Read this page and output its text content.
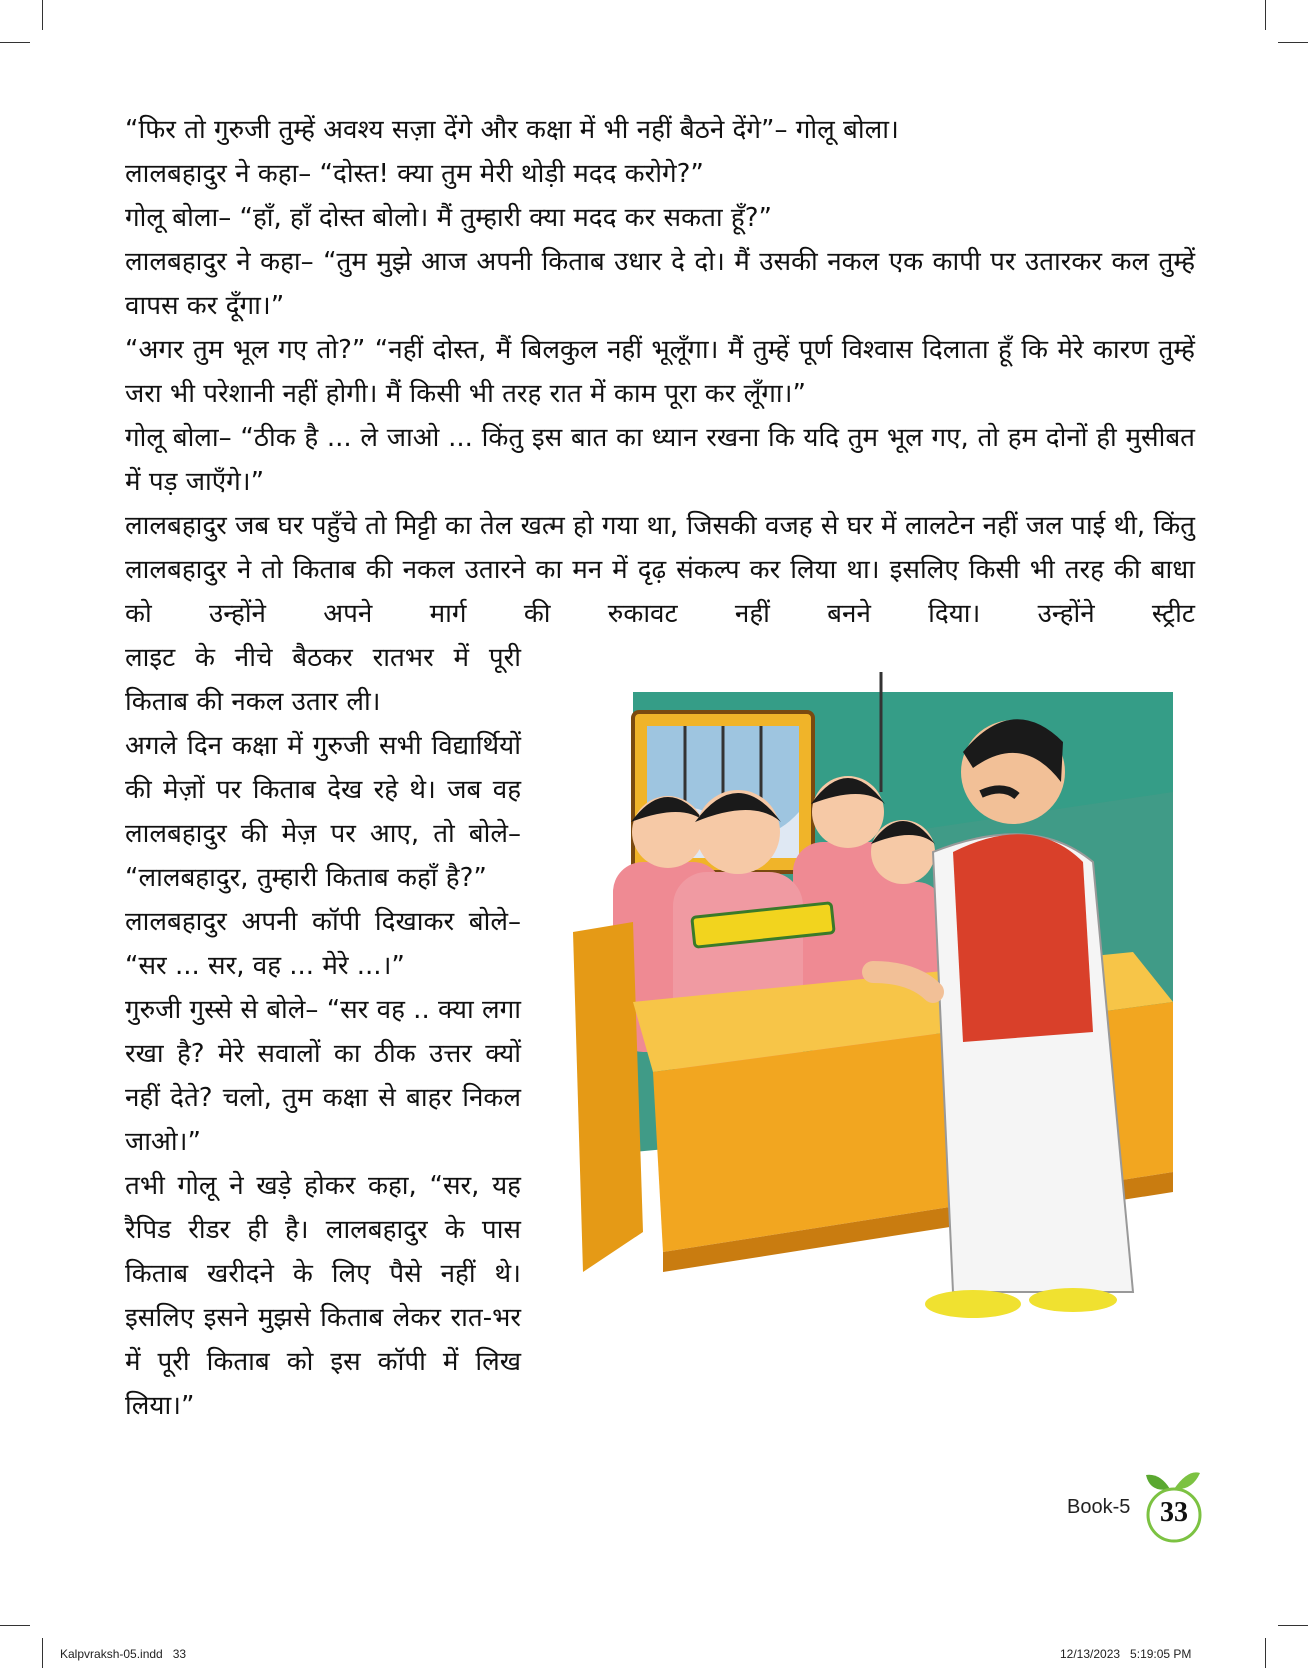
“फिर तो गुरुजी तुम्हें अवश्य सज़ा देंगे और कक्षा में भी नहीं बैठने देंगे”– गोलू बोला।

लालबहादुर ने कहा– “दोस्त! क्या तुम मेरी थोड़ी मदद करोगे?”

गोलू बोला– “हाँ, हाँ दोस्त बोलो। मैं तुम्हारी क्या मदद कर सकता हूँ?”

लालबहादुर ने कहा– “तुम मुझे आज अपनी किताब उधार दे दो। मैं उसकी नकल एक कापी पर उतारकर कल तुम्हें वापस कर दूँगा।”

“अगर तुम भूल गए तो?” “नहीं दोस्त, मैं बिलकुल नहीं भूलूँगा। मैं तुम्हें पूर्ण विश्वास दिलाता हूँ कि मेरे कारण तुम्हें जरा भी परेशानी नहीं होगी। मैं किसी भी तरह रात में काम पूरा कर लूँगा।”

गोलू बोला– “ठीक है ... ले जाओ ... किंतु इस बात का ध्यान रखना कि यदि तुम भूल गए, तो हम दोनों ही मुसीबत में पड़ जाएँगे।”

लालबहादुर जब घर पहुँचे तो मिट्टी का तेल खत्म हो गया था, जिसकी वजह से घर में लालटेन नहीं जल पाई थी, किंतु लालबहादुर ने तो किताब की नकल उतारने का मन में दृढ़ संकल्प कर लिया था। इसलिए किसी भी तरह की बाधा को उन्होंने अपने मार्ग की रुकावट नहीं बनने दिया। उन्होंने स्ट्रीट

लाइट के नीचे बैठकर रातभर में पूरी किताब की नकल उतार ली।

अगले दिन कक्षा में गुरुजी सभी विद्यार्थियों की मेज़ों पर किताब देख रहे थे। जब वह लालबहादुर की मेज़ पर आए, तो बोले– “लालबहादुर, तुम्हारी किताब कहाँ है?”

लालबहादुर अपनी कॉपी दिखाकर बोले– “सर ... सर, वह ... मेरे ...।”

गुरुजी गुस्से से बोले– “सर वह .. क्या लगा रखा है? मेरे सवालों का ठीक उत्तर क्यों नहीं देते? चलो, तुम कक्षा से बाहर निकल जाओ।”

तभी गोलू ने खड़े होकर कहा, “सर, यह रैपिड रीडर ही है। लालबहादुर के पास किताब खरीदने के लिए पैसे नहीं थे। इसलिए इसने मुझसे किताब लेकर रात-भर में पूरी किताब को इस कॉपी में लिख लिया।”

Book-5	33
Kalpvraksh-05.indd   33	12/13/2023   5:19:05 PM
